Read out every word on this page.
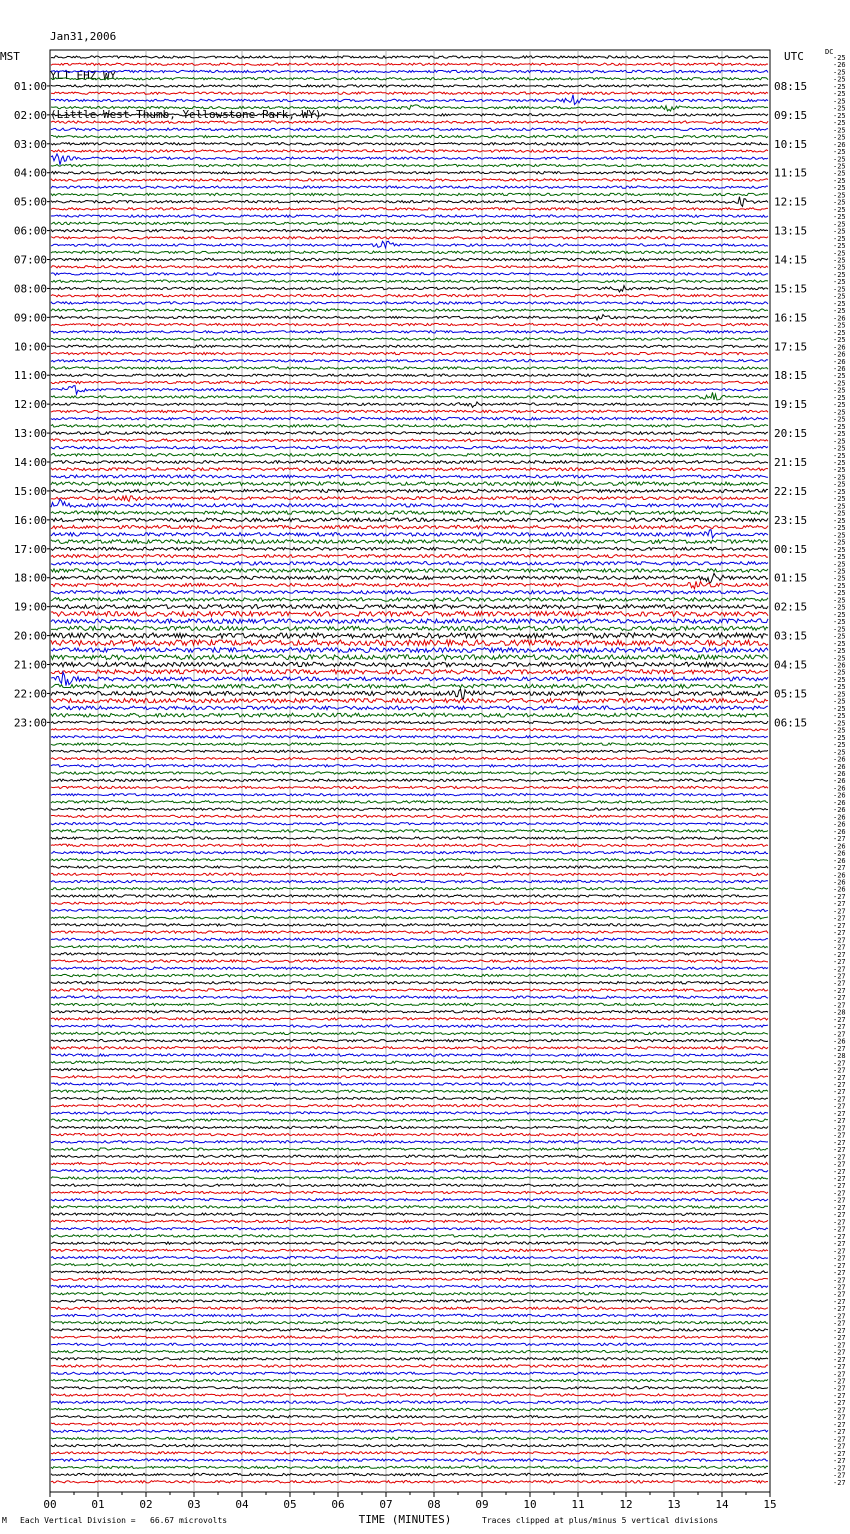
Jan31,2006

YLT EHZ WY

(Little West Thumb, Yellowstone Park, WY)

MST	UTC	DC
00	01	02	03	04	05	06	07	08	09	10	11	12	13	14	15
TIME (MINUTES)
-25
-26
-25
-25
-25
-25
-25
-25
-25
-25
-25
-25
-26
-25
-25
-25
-25
-25
-25
-25
-25
-25
-25
-25
-25
-25
-25
-25
-25
-25
-25
-25
-25
-25
-25
-25
-26
-25
-25
-25
-26
-26
-26
-26
-25
-25
-25
-25
-25
-25
-25
-25
-25
-25
-25
-25
-25
-25
-25
-25
-25
-25
-25
-25
-25
-25
-25
-25
-25
-25
-25
-25
-25
-25
-25
-25
-25
-25
-25
-25
-25
-25
-25
-25
-26
-25
-25
-25
-25
-25
-25
-25
-25
-25
-25
-25
-25
-26
-26
-26
-26
-26
-26
-26
-26
-26
-26
-26
-27
-26
-26
-26
-27
-26
-26
-26
-27
-27
-27
-27
-27
-27
-27
-27
-27
-27
-27
-27
-27
-27
-27
-27
-28
-27
-27
-27
-26
-27
-28
-27
-27
-27
-27
-27
-27
-27
-27
-27
-27
-27
-27
-27
-27
-27
-27
-27
-27
-27
-27
-27
-27
-27
-27
-27
-27
-27
-27
-27
-27
-27
-27
-27
-27
-27
-27
-27
-27
-27
-27
-27
-27
-27
-27
-27
-27
-27
-27
-27
-27
-27
-27
-27
-27
-27
-27
-27
-27
-27
01:00
02:00
03:00
04:00
05:00
06:00
07:00
08:00
09:00
10:00
11:00
12:00
13:00
14:00
15:00
16:00
17:00
18:00
19:00
20:00
21:00
22:00
23:00
08:15
09:15
10:15
11:15
12:15
13:15
14:15
15:15
16:15
17:15
18:15
19:15
20:15
21:15
22:15
23:15
00:15
01:15
02:15
03:15
04:15
05:15
06:15
M Each Vertical Division =   66.67 microvolts	Traces clipped at plus/minus 5 vertical divisions
